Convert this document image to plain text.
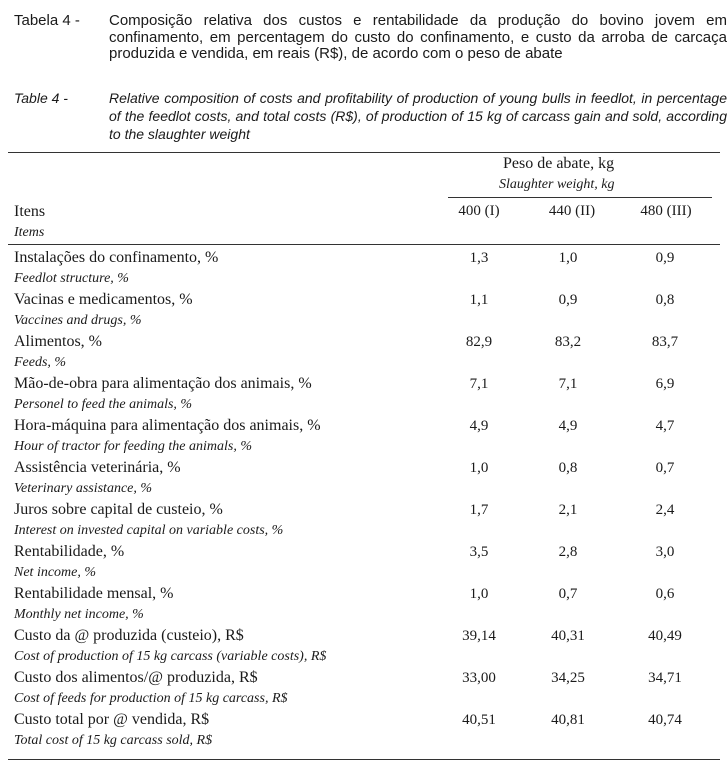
Tabela 4 - Composição relativa dos custos e rentabilidade da produção do bovino jovem em confinamento, em percentagem do custo do confinamento, e custo da arroba de carcaça produzida e vendida, em reais (R$), de acordo com o peso de abate
Table 4 -	Relative composition of costs and profitability of production of young bulls in feedlot, in percentage of the feedlot costs, and total costs (R$), of production of 15 kg of carcass gain and sold, according to the slaughter weight
Peso de abate, kg
Slaughter weight, kg
Itens
Items
400 (I)	440 (II)	480 (III)
Instalações do confinamento, %
Feedlot structure, %
1,3	1,0	0,9
Vacinas e medicamentos, %
Vaccines and drugs, %
1,1	0,9	0,8
Alimentos, %
Feeds, %
82,9	83,2	83,7
Mão-de-obra para alimentação dos animais, %
Personel to feed the animals, %
7,1	7,1	6,9
Hora-máquina para alimentação dos animais, %
Hour of tractor for feeding the animals, %
4,9	4,9	4,7
Assistência veterinária, %
Veterinary assistance, %
1,0	0,8	0,7
Juros sobre capital de custeio, %
Interest on invested capital on variable costs, %
1,7	2,1	2,4
Rentabilidade, %
Net income, %
3,5	2,8	3,0
Rentabilidade mensal, %
Monthly net income, %
1,0	0,7	0,6
Custo da @ produzida (custeio), R$
Cost of production of 15 kg carcass (variable costs), R$
39,14	40,31	40,49
Custo dos alimentos/@ produzida, R$
Cost of feeds for production of 15 kg carcass, R$
33,00	34,25	34,71
Custo total por @ vendida, R$
Total cost of 15 kg carcass sold, R$
40,51	40,81	40,74
